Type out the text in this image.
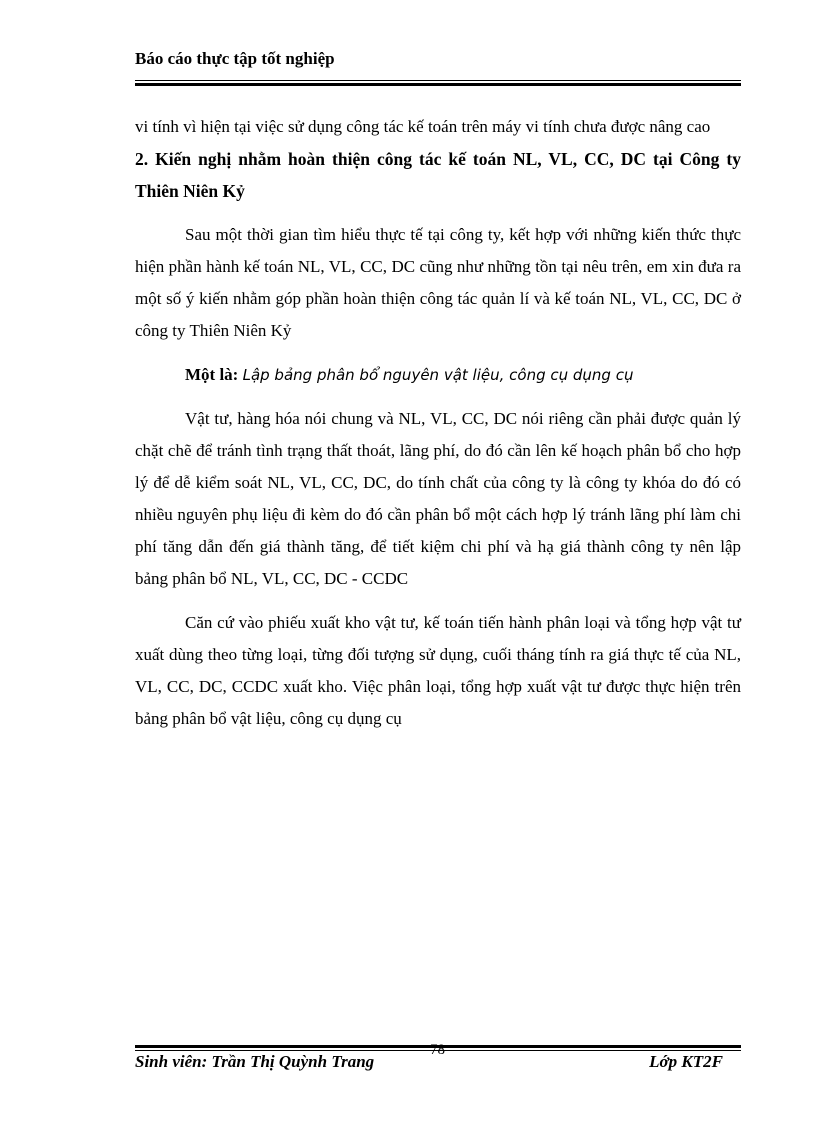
Báo cáo thực tập tốt nghiệp

vi tính vì hiện tại việc sử dụng công tác kế toán trên máy vi tính chưa được nâng cao

2. Kiến nghị nhằm hoàn thiện công tác kế toán NL, VL, CC, DC tại Công ty Thiên Niên Kỷ

Sau một thời gian tìm hiểu thực tế tại công ty, kết hợp với những kiến thức thực hiện phần hành kế toán NL, VL, CC, DC cũng như những tồn tại nêu trên, em xin đưa ra một số ý kiến nhằm góp phần hoàn thiện công tác quản lí và kế toán NL, VL, CC, DC ở công ty Thiên Niên Kỷ

Một là: Lập bảng phân bổ nguyên vật liệu, công cụ dụng cụ

Vật tư, hàng hóa nói chung và NL, VL, CC, DC nói riêng cần phải được quản lý chặt chẽ để tránh tình trạng thất thoát, lãng phí, do đó cần lên kế hoạch phân bổ cho hợp lý để dễ kiểm soát NL, VL, CC, DC, do tính chất của công ty là công ty khóa do đó có nhiều nguyên phụ liệu đi kèm do đó cần phân bổ một cách hợp lý tránh lãng phí làm chi phí tăng dẫn đến giá thành tăng, để tiết kiệm chi phí và hạ giá thành công ty nên lập bảng phân bổ NL, VL, CC, DC - CCDC

Căn cứ vào phiếu xuất kho vật tư, kế toán tiến hành phân loại và tổng hợp vật tư xuất dùng theo từng loại, từng đối tượng sử dụng, cuối tháng tính ra giá thực tế của NL, VL, CC, DC, CCDC xuất kho. Việc phân loại, tổng hợp xuất vật tư được thực hiện trên bảng phân bổ vật liệu, công cụ dụng cụ

78
Sinh viên: Trần Thị Quỳnh Trang	Lớp KT2F
